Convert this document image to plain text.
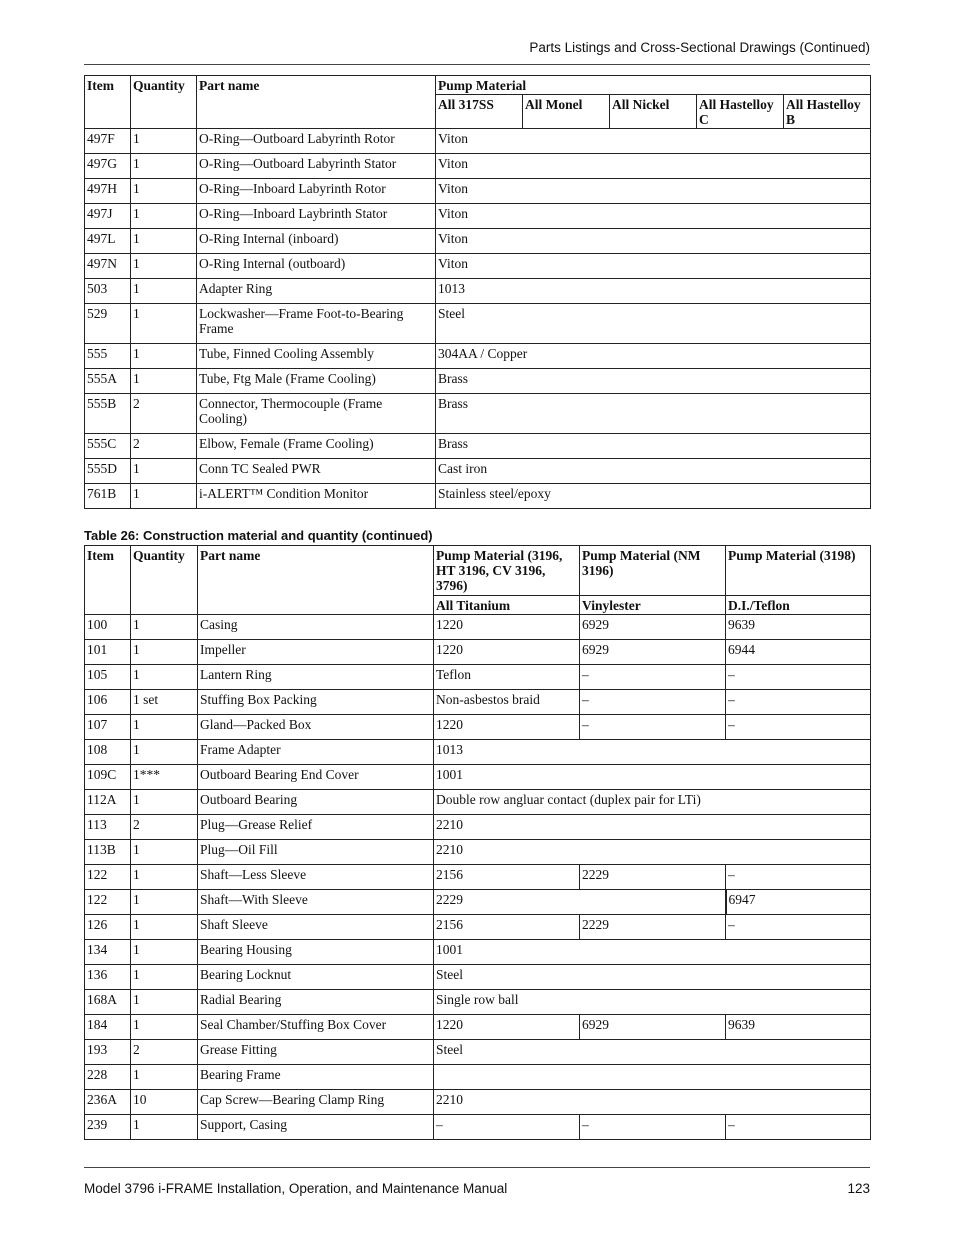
Parts Listings and Cross-Sectional Drawings (Continued)
Item	Quantity	Part name	Pump Material				
			All 317SS	All Monel	All Nickel	All Hastelloy C	All Hastelloy B
497F	1	O-Ring—Outboard Labyrinth Rotor	Viton				
497G	1	O-Ring—Outboard Labyrinth Stator	Viton				
497H	1	O-Ring—Inboard Labyrinth Rotor	Viton				
497J	1	O-Ring—Inboard Laybrinth Stator	Viton				
497L	1	O-Ring Internal (inboard)	Viton				
497N	1	O-Ring Internal (outboard)	Viton				
503	1	Adapter Ring	1013				
529	1	Lockwasher—Frame Foot-to-Bearing Frame	Steel				
555	1	Tube, Finned Cooling Assembly	304AA / Copper				
555A	1	Tube, Ftg Male (Frame Cooling)	Brass				
555B	2	Connector, Thermocouple (Frame Cooling)	Brass				
555C	2	Elbow, Female (Frame Cooling)	Brass				
555D	1	Conn TC Sealed PWR	Cast iron				
761B	1	i-ALERT™ Condition Monitor	Stainless steel/epoxy				
Table 26: Construction material and quantity (continued)
Item	Quantity	Part name	Pump Material (3196, HT 3196, CV 3196, 3796)	Pump Material (NM 3196)	Pump Material (3198)
			All Titanium	Vinylester	D.I./Teflon
100	1	Casing	1220	6929	9639
101	1	Impeller	1220	6929	6944
105	1	Lantern Ring	Teflon	–	–
106	1 set	Stuffing Box Packing	Non-asbestos braid	–	–
107	1	Gland—Packed Box	1220	–	–
108	1	Frame Adapter	1013		
109C	1***	Outboard Bearing End Cover	1001		
112A	1	Outboard Bearing	Double row angluar contact (duplex pair for LTi)		
113	2	Plug—Grease Relief	2210		
113B	1	Plug—Oil Fill	2210		
122	1	Shaft—Less Sleeve	2156	2229	–
122	1	Shaft—With Sleeve	2229		6947
126	1	Shaft Sleeve	2156	2229	–
134	1	Bearing Housing	1001		
136	1	Bearing Locknut	Steel		
168A	1	Radial Bearing	Single row ball		
184	1	Seal Chamber/Stuffing Box Cover	1220	6929	9639
193	2	Grease Fitting	Steel		
228	1	Bearing Frame			
236A	10	Cap Screw—Bearing Clamp Ring	2210		
239	1	Support, Casing	–	–	–
Model 3796 i-FRAME Installation, Operation, and Maintenance Manual	123
